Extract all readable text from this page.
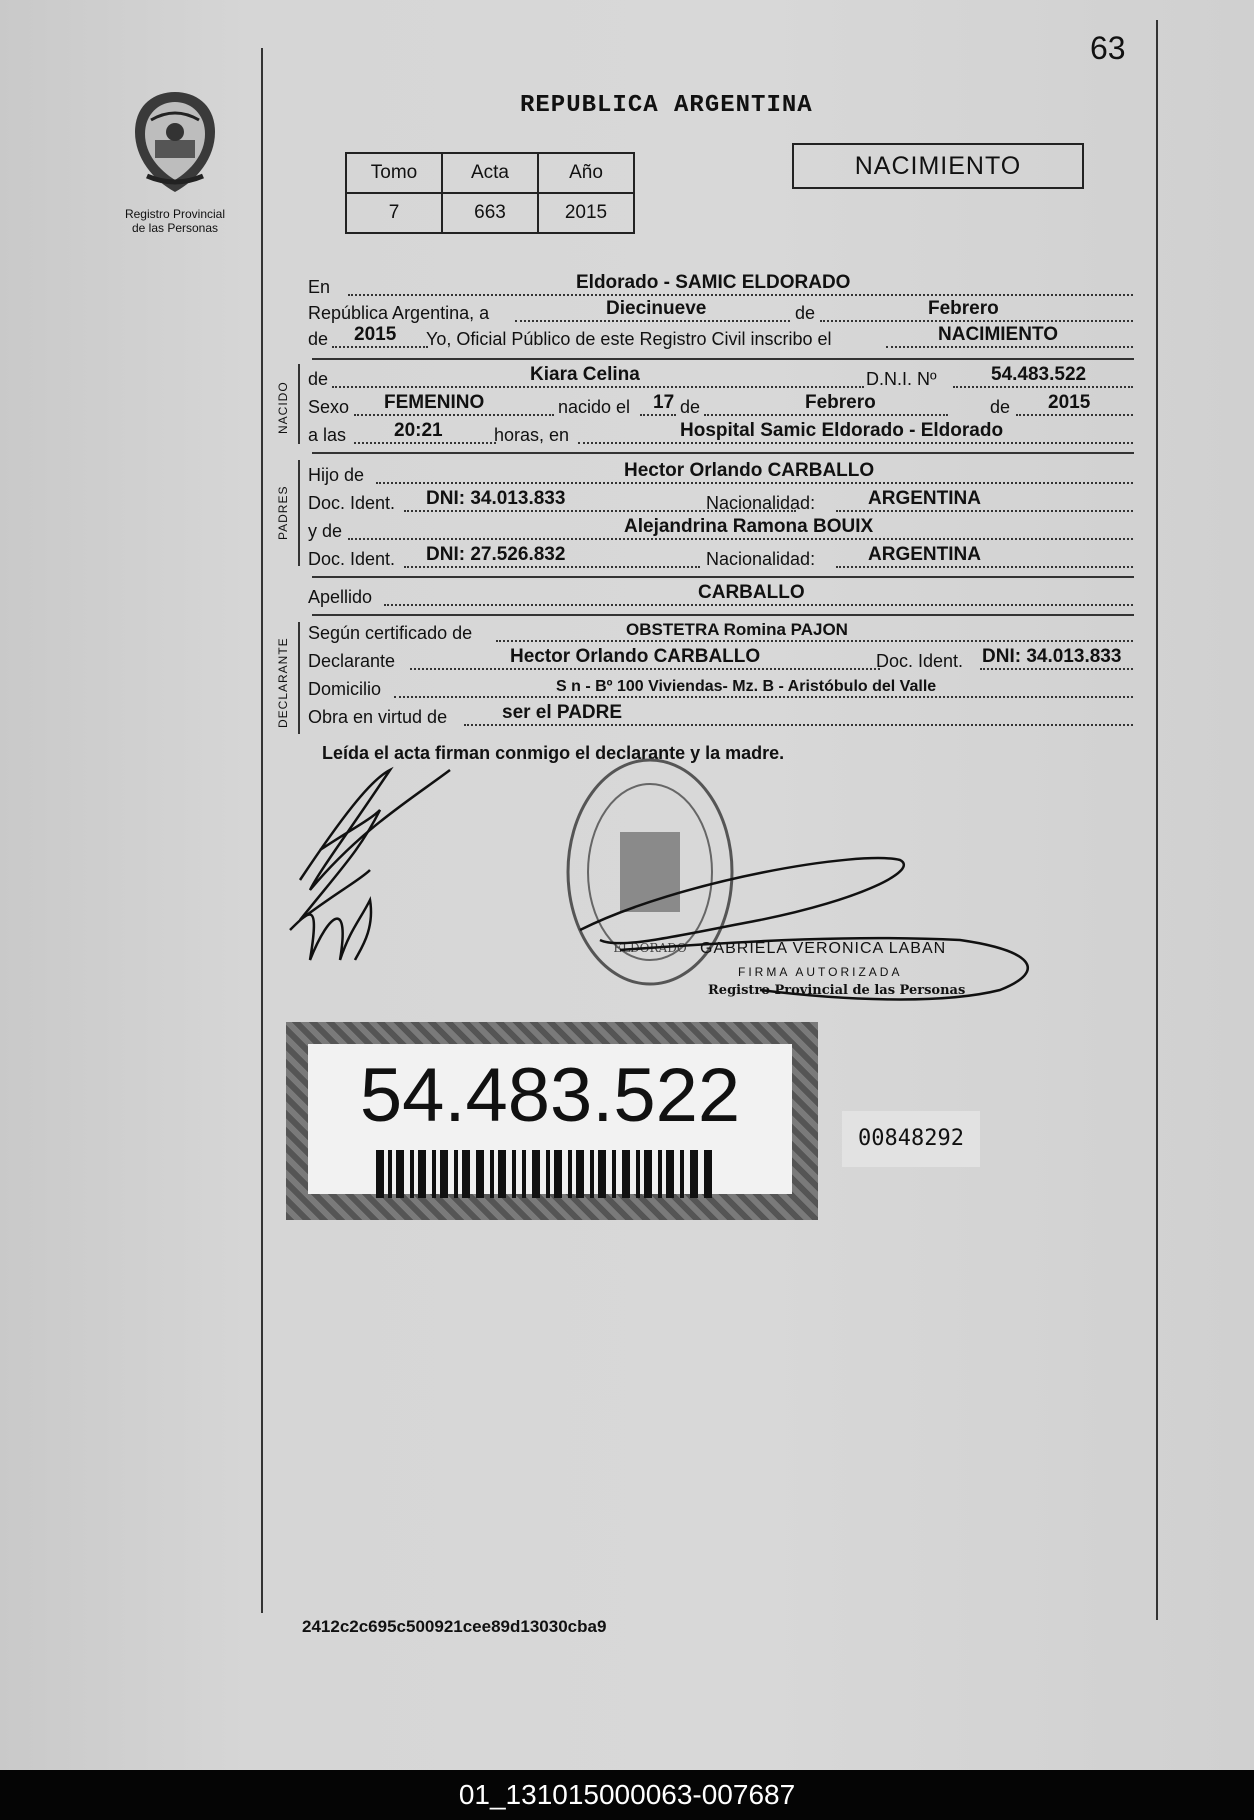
63
Registro Provincial
de las Personas
REPUBLICA ARGENTINA
Tomo	Acta	Año
7	663	2015
NACIMIENTO
En	Eldorado - SAMIC ELDORADO
República Argentina, a	Diecinueve	de	Febrero
de 2015 Yo, Oficial Público de este Registro Civil inscribo el	NACIMIENTO
NACIDO
de	Kiara Celina	D.N.I. Nº	54.483.522
Sexo FEMENINO	nacido el 17 de	Febrero	de 2015
a las	20:21	horas, en	Hospital Samic Eldorado - Eldorado
PADRES
Hijo de	Hector Orlando CARBALLO
Doc. Ident. DNI: 34.013.833	Nacionalidad:	ARGENTINA
y de	Alejandrina Ramona BOUIX
Doc. Ident. DNI: 27.526.832	Nacionalidad:	ARGENTINA
Apellido	CARBALLO
DECLARANTE
Según certificado de	OBSTETRA Romina PAJON
Declarante	Hector Orlando CARBALLO	Doc. Ident. DNI: 34.013.833
Domicilio	S n - Bº 100 Viviendas- Mz. B - Aristóbulo del Valle
Obra en virtud de	ser el PADRE
Leída el acta firman conmigo el declarante y la madre.
ELDORADO GABRIELA VERONICA LABAN
FIRMA AUTORIZADA
Registro Provincial de las Personas
54.483.522
00848292
2412c2c695c500921cee89d13030cba9
01_131015000063-007687
